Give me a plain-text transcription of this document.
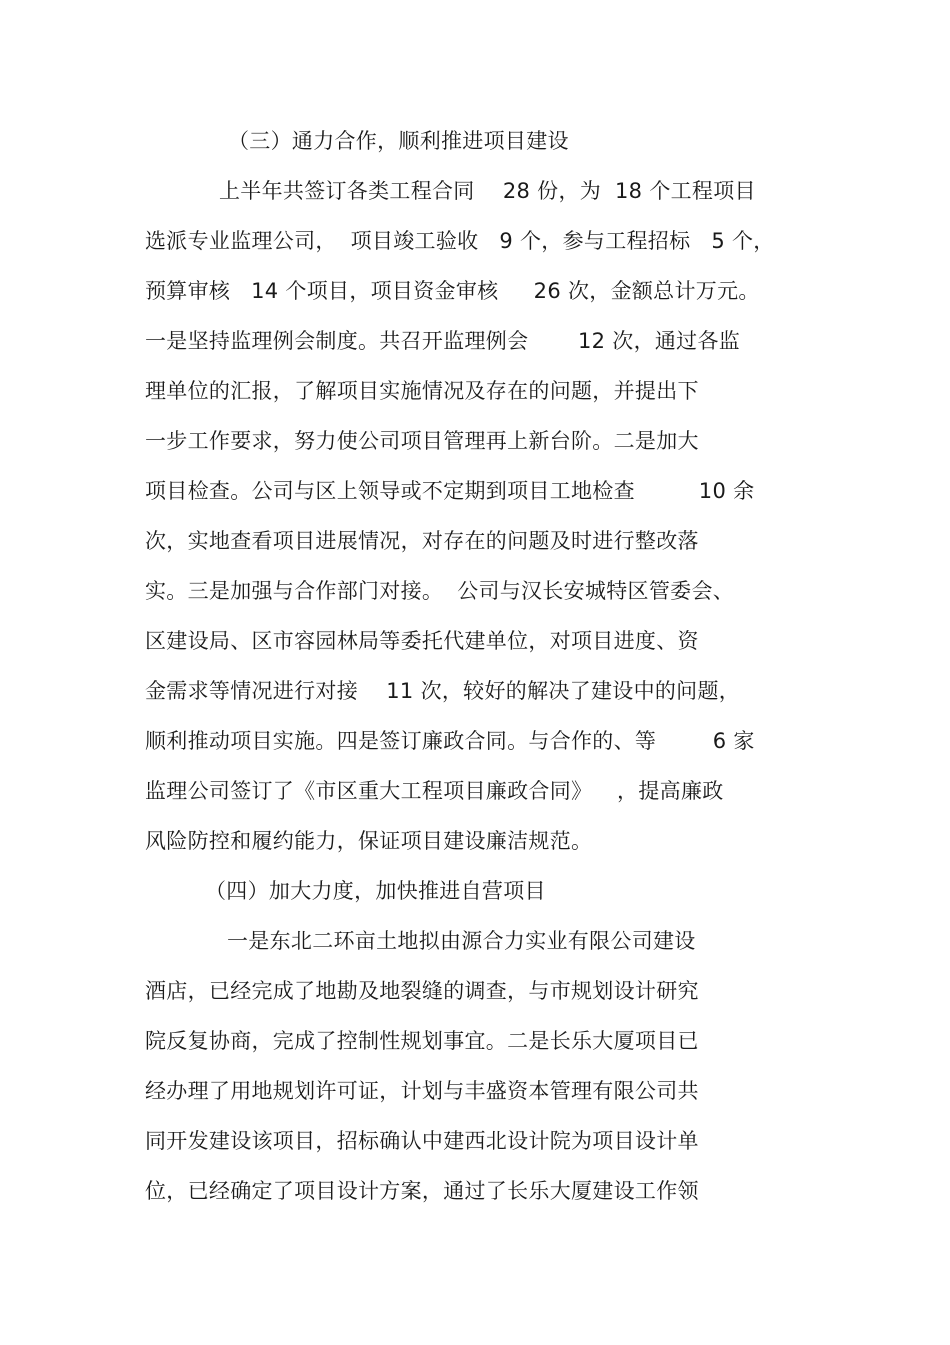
（三）通力合作，顺利推进项目建设
上半年共签订各类工程合同　 28 份，为  18 个工程项目
选派专业监理公司，  项目竣工验收   9 个，参与工程招标   5 个，
预算审核   14 个项目，项目资金审核　  26 次，金额总计万元。
一是坚持监理例会制度。共召开监理例会　　 12 次，通过各监
理单位的汇报，了解项目实施情况及存在的问题，并提出下
一步工作要求，努力使公司项目管理再上新台阶。二是加大
项目检查。公司与区上领导或不定期到项目工地检查　　　10 余
次，实地查看项目进展情况，对存在的问题及时进行整改落
实。三是加强与合作部门对接。  公司与汉长安城特区管委会、
区建设局、区市容园林局等委托代建单位，对项目进度、资
金需求等情况进行对接　 11 次，较好的解决了建设中的问题，
顺利推动项目实施。四是签订廉政合同。与合作的、等　　  6 家
监理公司签订了《市区重大工程项目廉政合同》　  ，提高廉政
风险防控和履约能力，保证项目建设廉洁规范。
（四）加大力度，加快推进自营项目
一是东北二环亩土地拟由源合力实业有限公司建设
酒店，已经完成了地勘及地裂缝的调查，与市规划设计研究
院反复协商，完成了控制性规划事宜。二是长乐大厦项目已
经办理了用地规划许可证，计划与丰盛资本管理有限公司共
同开发建设该项目，招标确认中建西北设计院为项目设计单
位，已经确定了项目设计方案，通过了长乐大厦建设工作领
